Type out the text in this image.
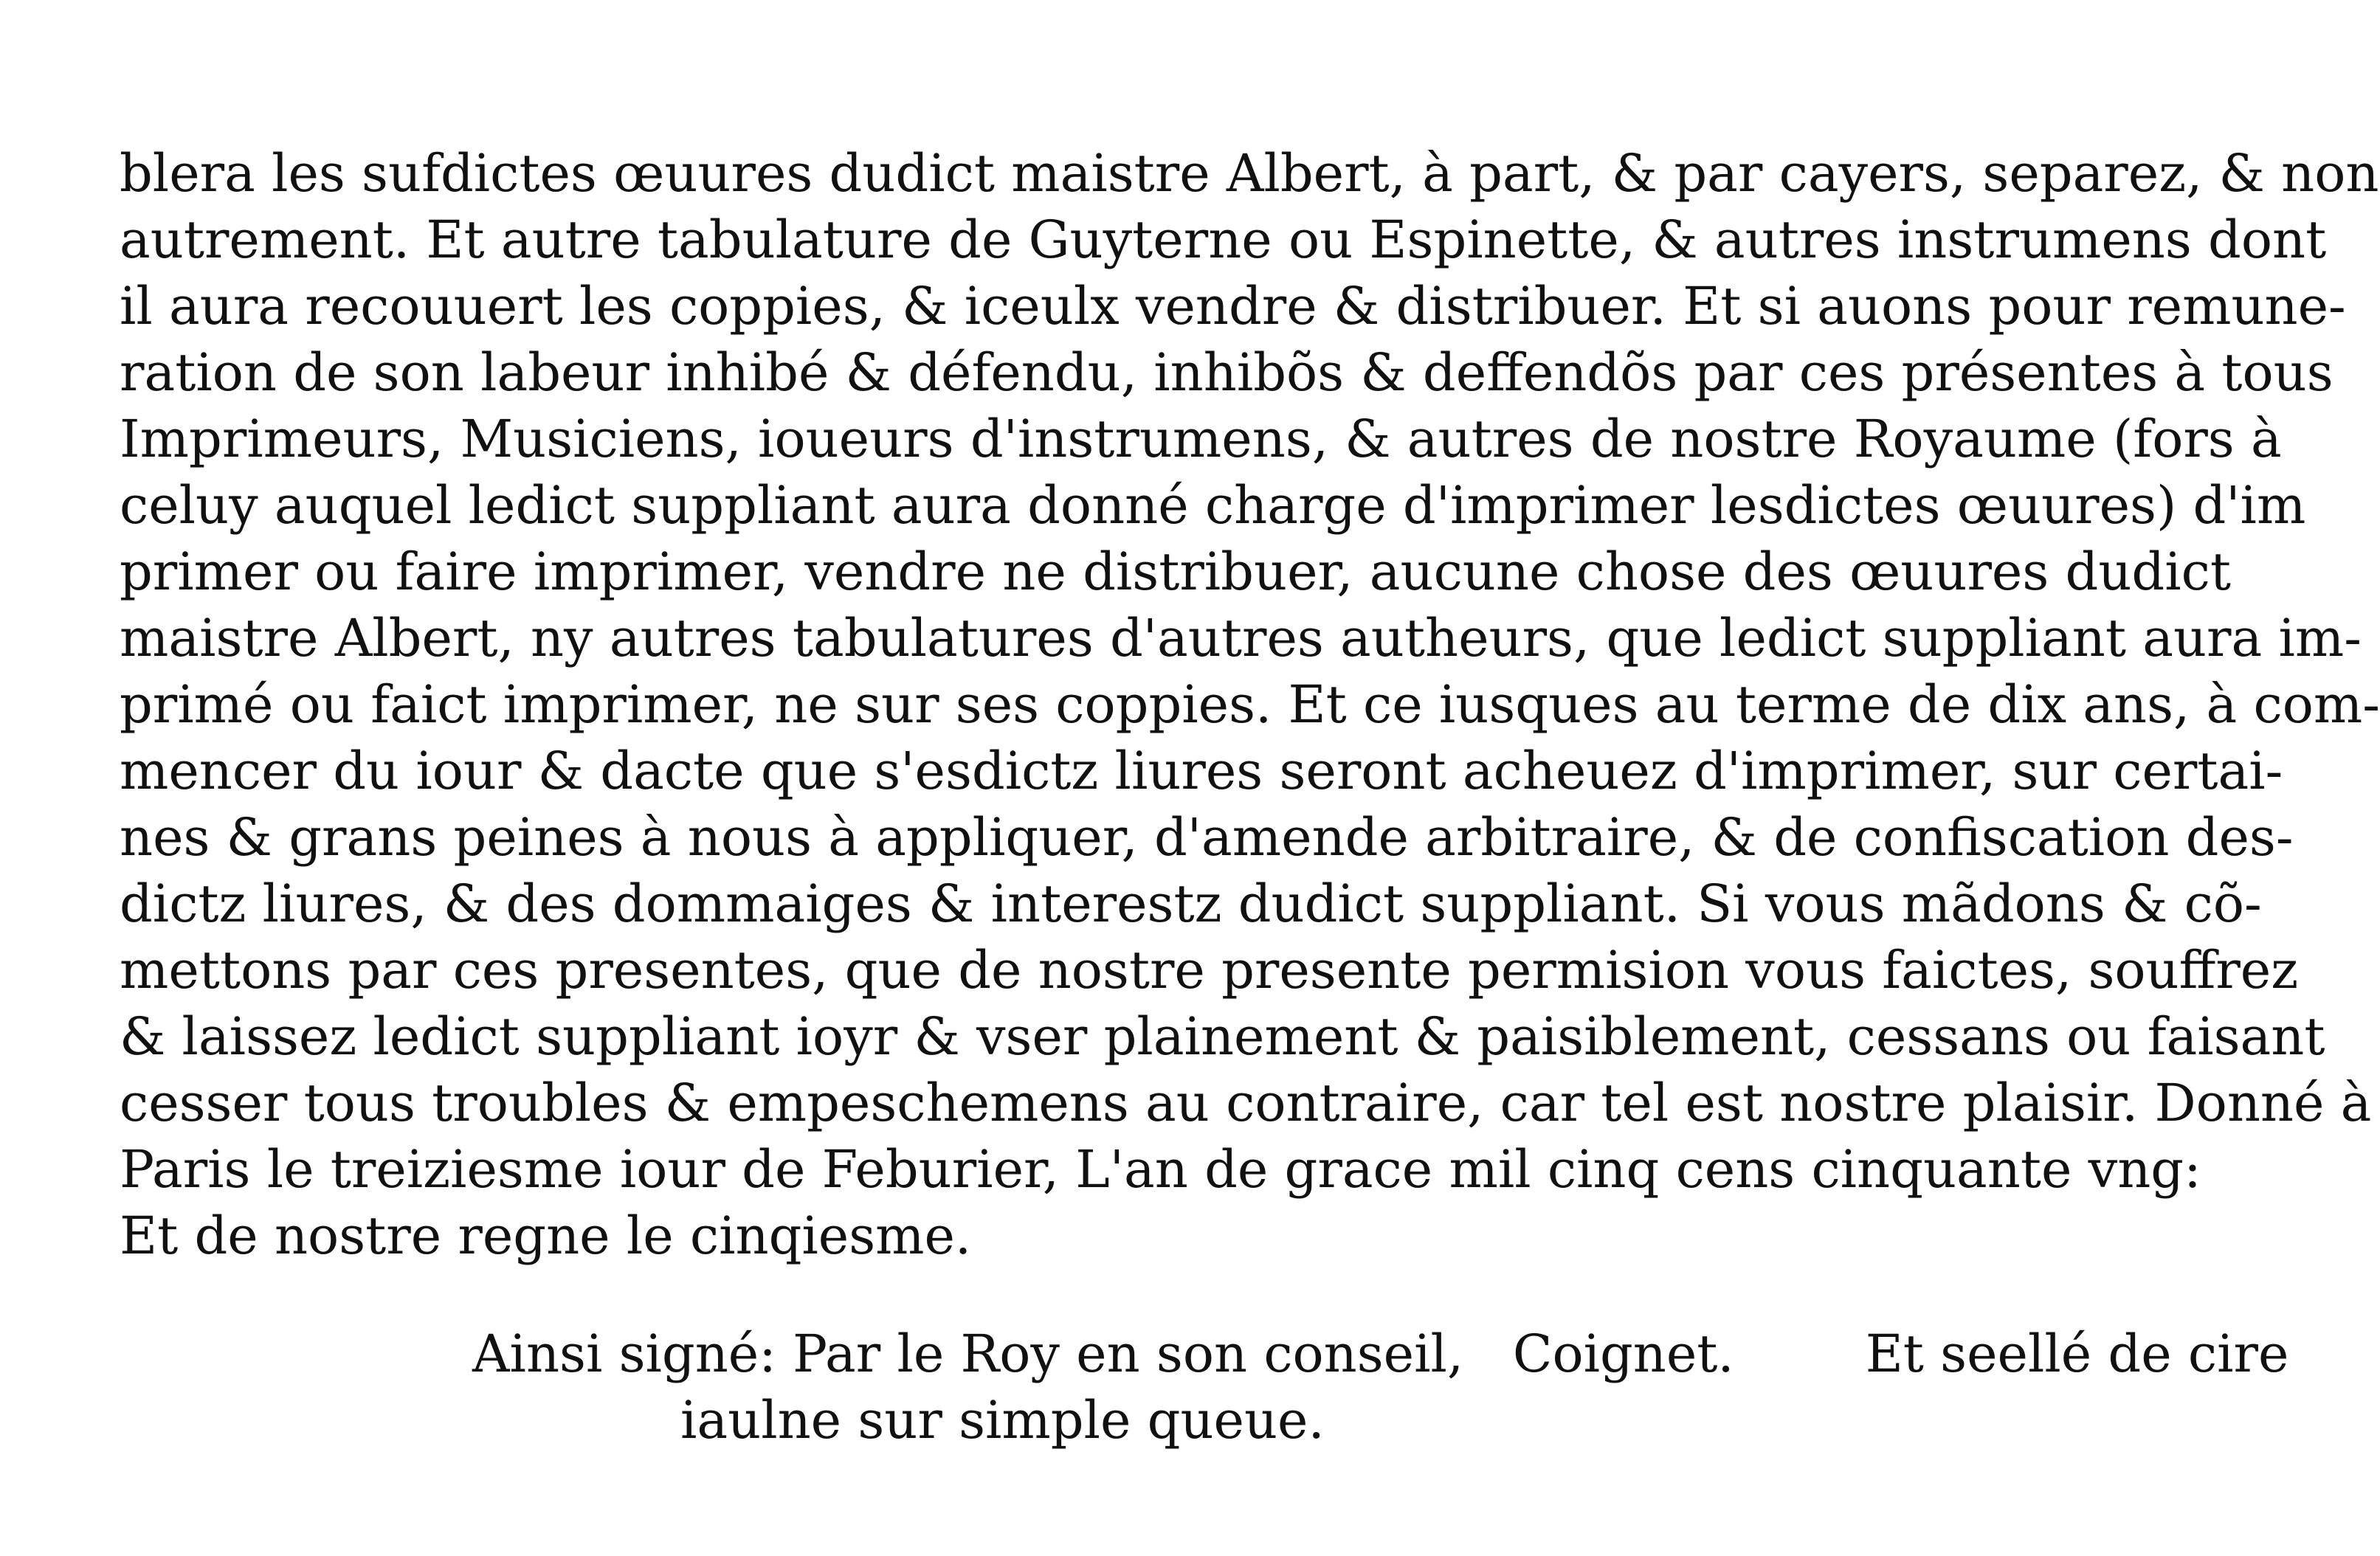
blera les sufdictes œuures dudict maistre Albert, à part, & par cayers, separez, & non
autrement. Et autre tabulature de Guyterne ou Espinette, & autres instrumens dont
il aura recouuert les coppies, & iceulx vendre & distribuer. Et si auons pour remune-
ration de son labeur inhibé & défendu, inhibõs & deffendõs par ces présentes à tous
Imprimeurs, Musiciens, ioueurs d'instrumens, & autres de nostre Royaume (fors à
celuy auquel ledict suppliant aura donné charge d'imprimer lesdictes œuures) d'im
primer ou faire imprimer, vendre ne distribuer, aucune chose des œuures dudict
maistre Albert, ny autres tabulatures d'autres autheurs, que ledict suppliant aura im-
primé ou faict imprimer, ne sur ses coppies. Et ce iusques au terme de dix ans, à com-
mencer du iour & dacte que s'esdictz liures seront acheuez d'imprimer, sur certai-
nes & grans peines à nous à appliquer, d'amende arbitraire, & de confiscation des-
dictz liures, & des dommaiges & interestz dudict suppliant. Si vous mãdons & cõ-
mettons par ces presentes, que de nostre presente permision vous faictes, souffrez
& laissez ledict suppliant ioyr & vser plainement & paisiblement, cessans ou faisant
cesser tous troubles & empeschemens au contraire, car tel est nostre plaisir. Donné à
Paris le treiziesme iour de Feburier, L'an de grace mil cinq cens cinquante vng:
Et de nostre regne le cinqiesme.
Ainsi signé: Par le Roy en son conseil, Coignet.	Et seellé de cire
iaulne sur simple queue.
